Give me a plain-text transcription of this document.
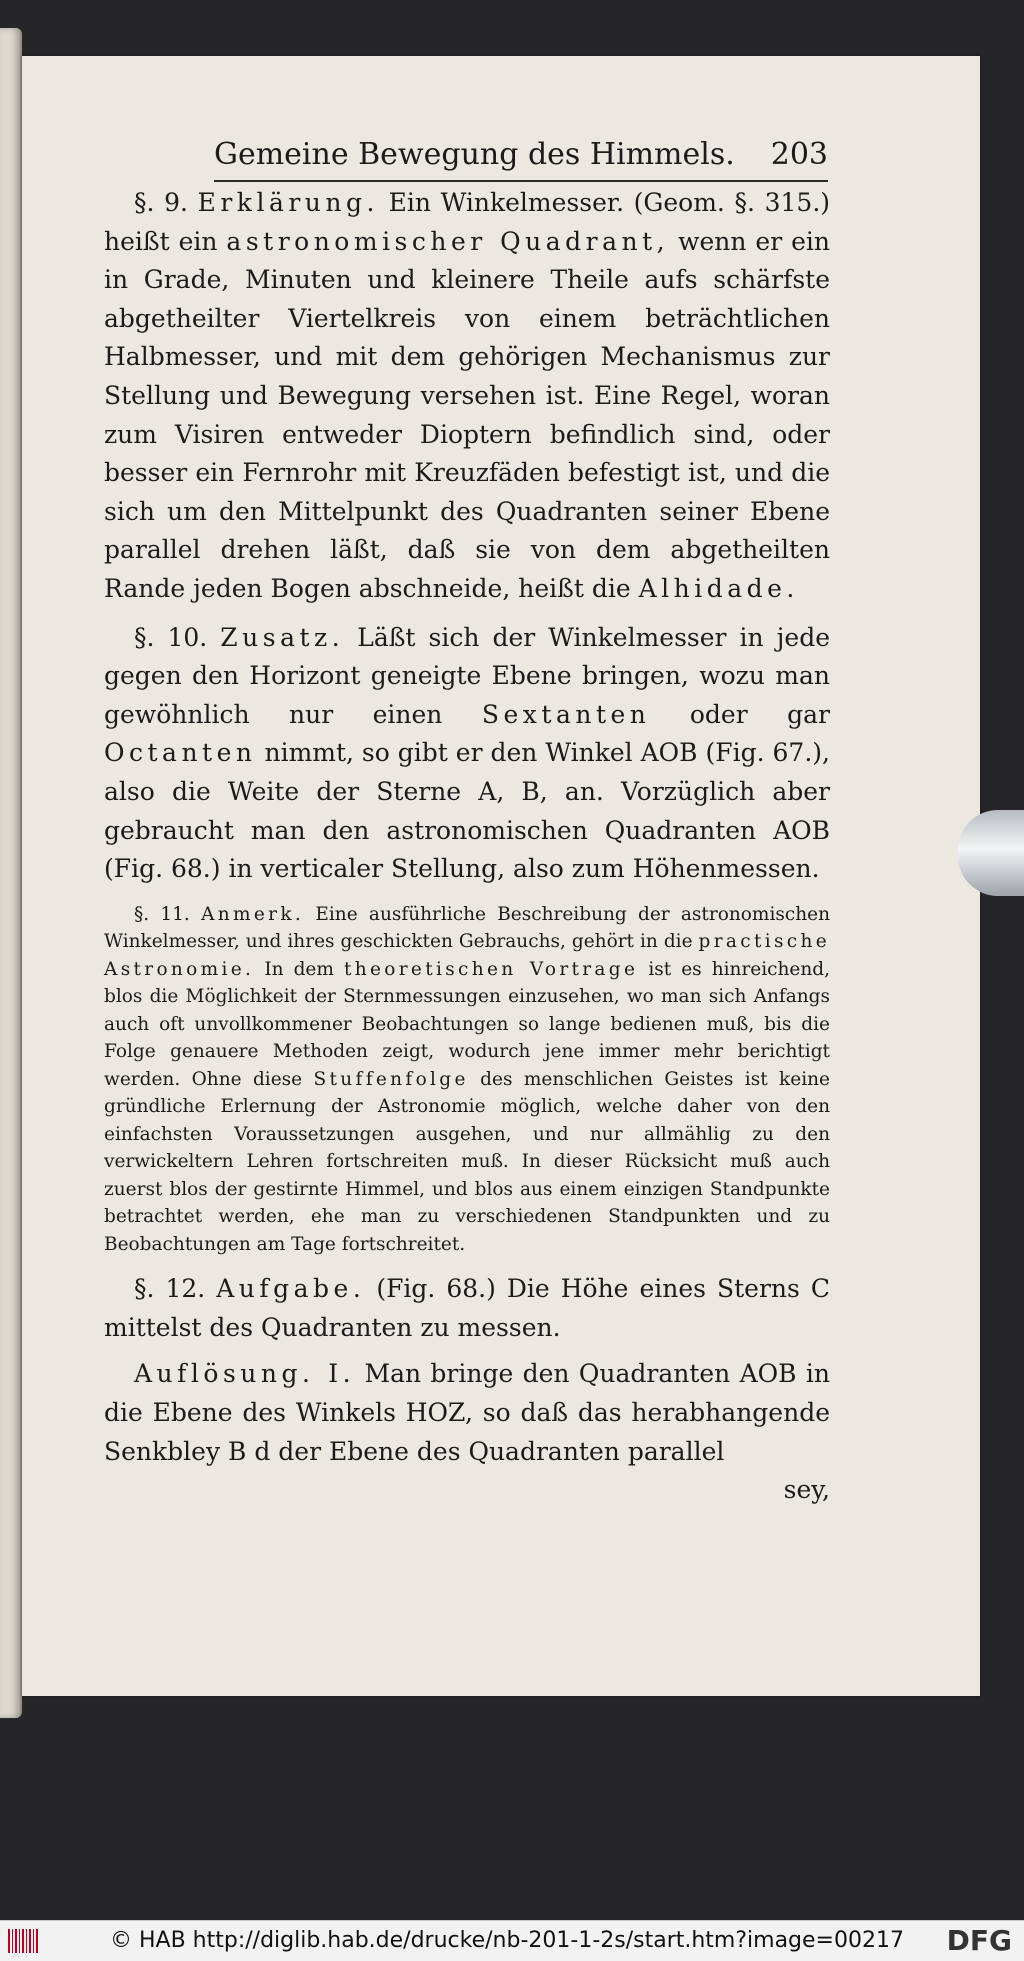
Gemeine Bewegung des Himmels. 203

§. 9. Erklärung. Ein Winkelmesser. (Geom. §. 315.) heißt ein astronomischer Quadrant, wenn er ein in Grade, Minuten und kleinere Theile aufs schärfste abgetheilter Viertelkreis von einem beträchtlichen Halbmesser, und mit dem gehörigen Mechanismus zur Stellung und Bewegung versehen ist. Eine Regel, woran zum Visiren entweder Dioptern befindlich sind, oder besser ein Fernrohr mit Kreuzfäden befestigt ist, und die sich um den Mittelpunkt des Quadranten seiner Ebene parallel drehen läßt, daß sie von dem abgetheilten Rande jeden Bogen abschneide, heißt die Alhidade.

§. 10. Zusatz. Läßt sich der Winkelmesser in jede gegen den Horizont geneigte Ebene bringen, wozu man gewöhnlich nur einen Sextanten oder gar Octanten nimmt, so gibt er den Winkel AOB (Fig. 67.), also die Weite der Sterne A, B, an. Vorzüglich aber gebraucht man den astronomischen Quadranten AOB (Fig. 68.) in verticaler Stellung, also zum Höhenmessen.

§. 11. Anmerk. Eine ausführliche Beschreibung der astronomischen Winkelmesser, und ihres geschickten Gebrauchs, gehört in die practische Astronomie. In dem theoretischen Vortrage ist es hinreichend, blos die Möglichkeit der Sternmessungen einzusehen, wo man sich Anfangs auch oft unvollkommener Beobachtungen so lange bedienen muß, bis die Folge genauere Methoden zeigt, wodurch jene immer mehr berichtigt werden. Ohne diese Stuffenfolge des menschlichen Geistes ist keine gründliche Erlernung der Astronomie möglich, welche daher von den einfachsten Voraussetzungen ausgehen, und nur allmählig zu den verwickeltern Lehren fortschreiten muß. In dieser Rücksicht muß auch zuerst blos der gestirnte Himmel, und blos aus einem einzigen Standpunkte betrachtet werden, ehe man zu verschiedenen Standpunkten und zu Beobachtungen am Tage fortschreitet.

§. 12. Aufgabe. (Fig. 68.) Die Höhe eines Sterns C mittelst des Quadranten zu messen.

Auflösung. I. Man bringe den Quadranten AOB in die Ebene des Winkels HOZ, so daß das herabhangende Senkbley B d der Ebene des Quadranten parallel

sey,

© HAB http://diglib.hab.de/drucke/nb-201-1-2s/start.htm?image=00217 DFG
